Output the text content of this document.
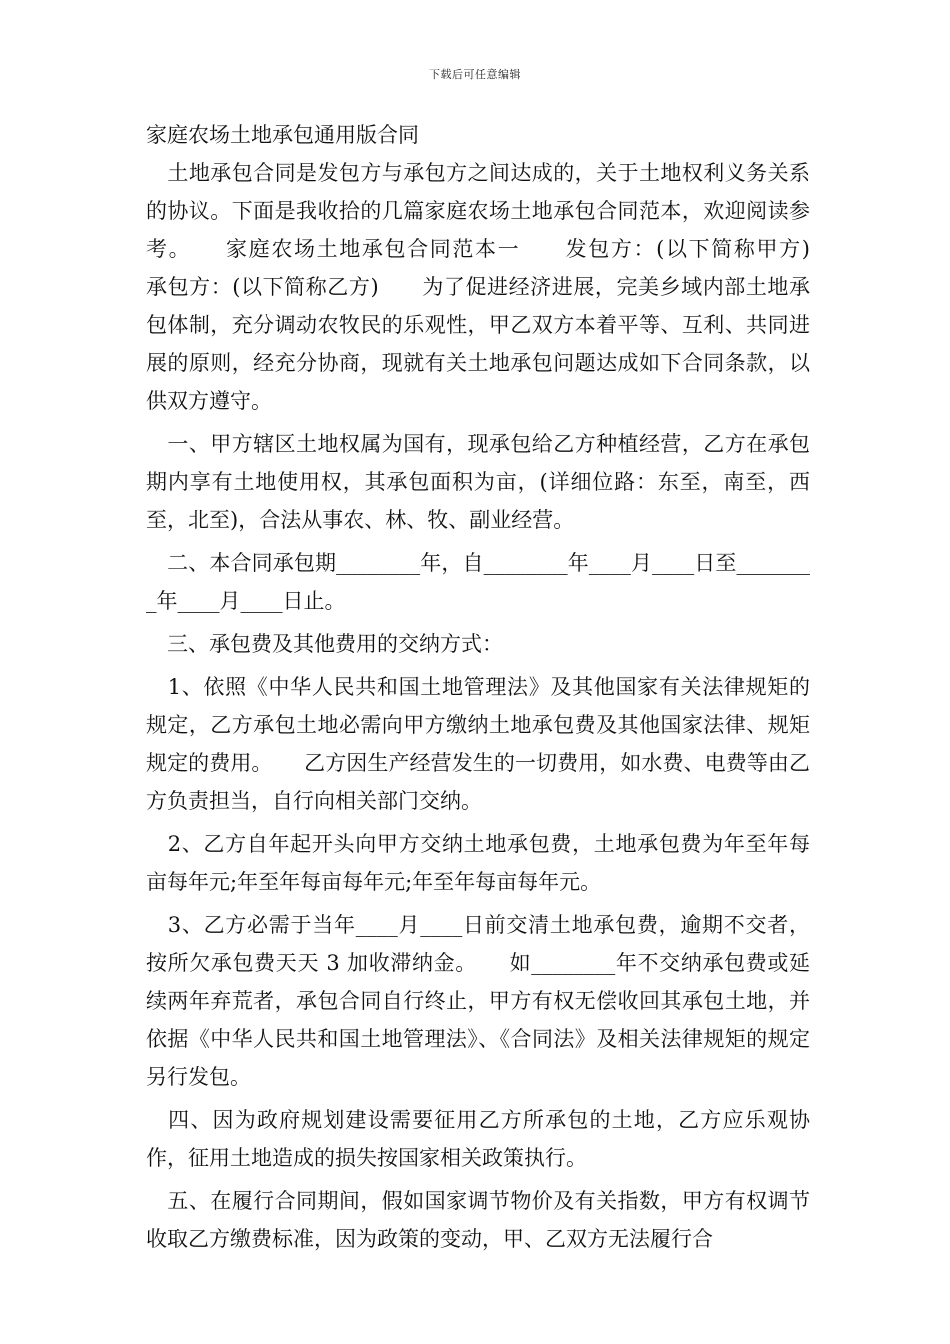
下载后可任意编辑
家庭农场土地承包通用版合同

　土地承包合同是发包方与承包方之间达成的，关于土地权利义务关系的协议。下面是我收拾的几篇家庭农场土地承包合同范本，欢迎阅读参考。　　家庭农场土地承包合同范本一　　发包方：(以下简称甲方)　　承包方：(以下简称乙方)　　为了促进经济进展，完美乡域内部土地承包体制，充分调动农牧民的乐观性，甲乙双方本着平等、互利、共同进展的原则，经充分协商，现就有关土地承包问题达成如下合同条款，以供双方遵守。

　一、甲方辖区土地权属为国有，现承包给乙方种植经营，乙方在承包期内享有土地使用权，其承包面积为亩，(详细位路：东至，南至，西至，北至)，合法从事农、林、牧、副业经营。

　二、本合同承包期________年，自________年____月____日至________年____月____日止。

　三、承包费及其他费用的交纳方式：

　1、依照《中华人民共和国土地管理法》及其他国家有关法律规矩的规定，乙方承包土地必需向甲方缴纳土地承包费及其他国家法律、规矩规定的费用。　　乙方因生产经营发生的一切费用，如水费、电费等由乙方负责担当，自行向相关部门交纳。

　2、乙方自年起开头向甲方交纳土地承包费，土地承包费为年至年每亩每年元;年至年每亩每年元;年至年每亩每年元。

　3、乙方必需于当年____月____日前交清土地承包费，逾期不交者，按所欠承包费天天 3 加收滞纳金。　　如________年不交纳承包费或延续两年弃荒者，承包合同自行终止，甲方有权无偿收回其承包土地，并依据《中华人民共和国土地管理法》、《合同法》及相关法律规矩的规定另行发包。

　四、因为政府规划建设需要征用乙方所承包的土地，乙方应乐观协作，征用土地造成的损失按国家相关政策执行。

　五、在履行合同期间，假如国家调节物价及有关指数，甲方有权调节收取乙方缴费标准，因为政策的变动，甲、乙双方无法履行合
